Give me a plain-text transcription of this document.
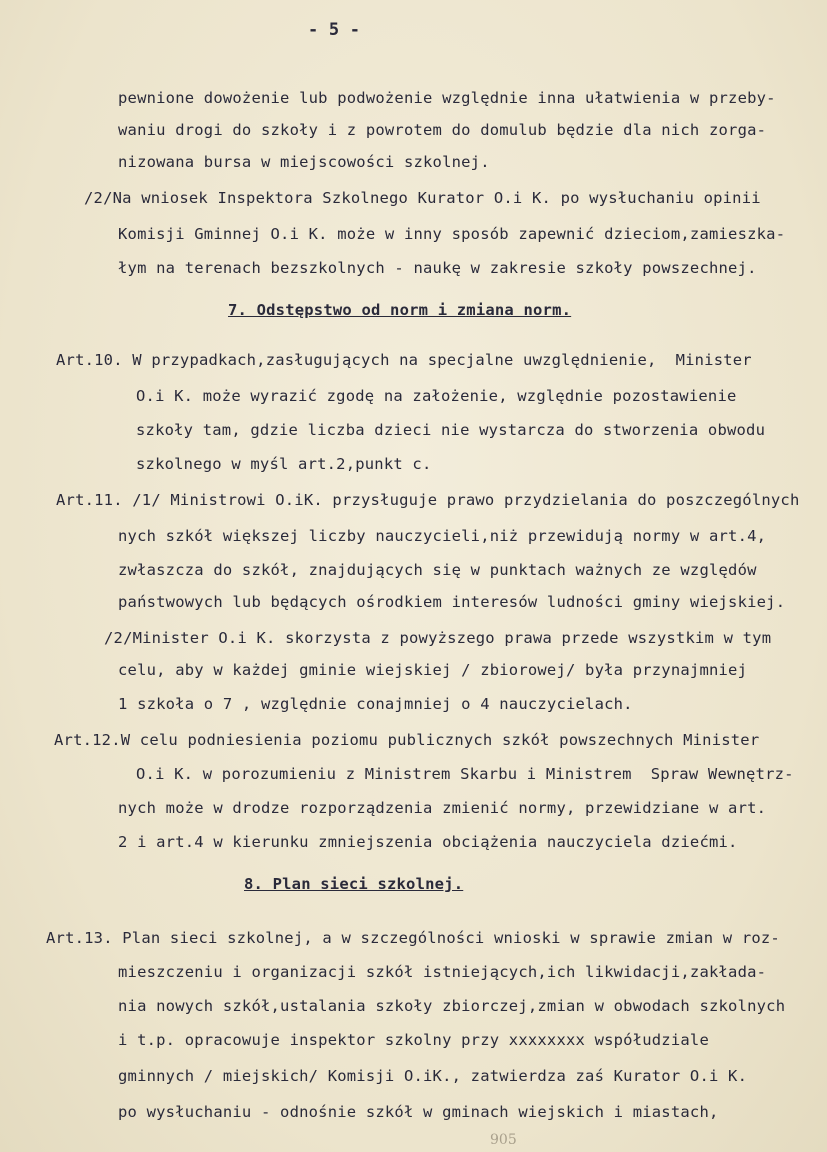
- 5 -
pewnione dowożenie lub podwożenie względnie inna ułatwienia w przeby-
waniu drogi do szkoły i z powrotem do domulub będzie dla nich zorga-
nizowana bursa w miejscowości szkolnej.
/2/Na wniosek Inspektora Szkolnego Kurator O.i K. po wysłuchaniu opinii
Komisji Gminnej O.i K. może w inny sposób zapewnić dzieciom,zamieszka-
łym na terenach bezszkolnych - naukę w zakresie szkoły powszechnej.
7. Odstępstwo od norm i zmiana norm.
Art.10. W przypadkach,zasługujących na specjalne uwzględnienie,  Minister
O.i K. może wyrazić zgodę na założenie, względnie pozostawienie
szkoły tam, gdzie liczba dzieci nie wystarcza do stworzenia obwodu
szkolnego w myśl art.2,punkt c.
Art.11. /1/ Ministrowi O.iK. przysługuje prawo przydzielania do poszczególnych
nych szkół większej liczby nauczycieli,niż przewidują normy w art.4,
zwłaszcza do szkół, znajdujących się w punktach ważnych ze względów
państwowych lub będących ośrodkiem interesów ludności gminy wiejskiej.
/2/Minister O.i K. skorzysta z powyższego prawa przede wszystkim w tym
celu, aby w każdej gminie wiejskiej / zbiorowej/ była przynajmniej
1 szkoła o 7 , względnie conajmniej o 4 nauczycielach.
Art.12.W celu podniesienia poziomu publicznych szkół powszechnych Minister
O.i K. w porozumieniu z Ministrem Skarbu i Ministrem  Spraw Wewnętrz-
nych może w drodze rozporządzenia zmienić normy, przewidziane w art.
2 i art.4 w kierunku zmniejszenia obciążenia nauczyciela dziećmi.
8. Plan sieci szkolnej.
Art.13. Plan sieci szkolnej, a w szczególności wnioski w sprawie zmian w roz-
mieszczeniu i organizacji szkół istniejących,ich likwidacji,zakłada-
nia nowych szkół,ustalania szkoły zbiorczej,zmian w obwodach szkolnych
i t.p. opracowuje inspektor szkolny przy xxxxxxxx współudziale
gminnych / miejskich/ Komisji O.iK., zatwierdza zaś Kurator O.i K.
po wysłuchaniu - odnośnie szkół w gminach wiejskich i miastach,
905
